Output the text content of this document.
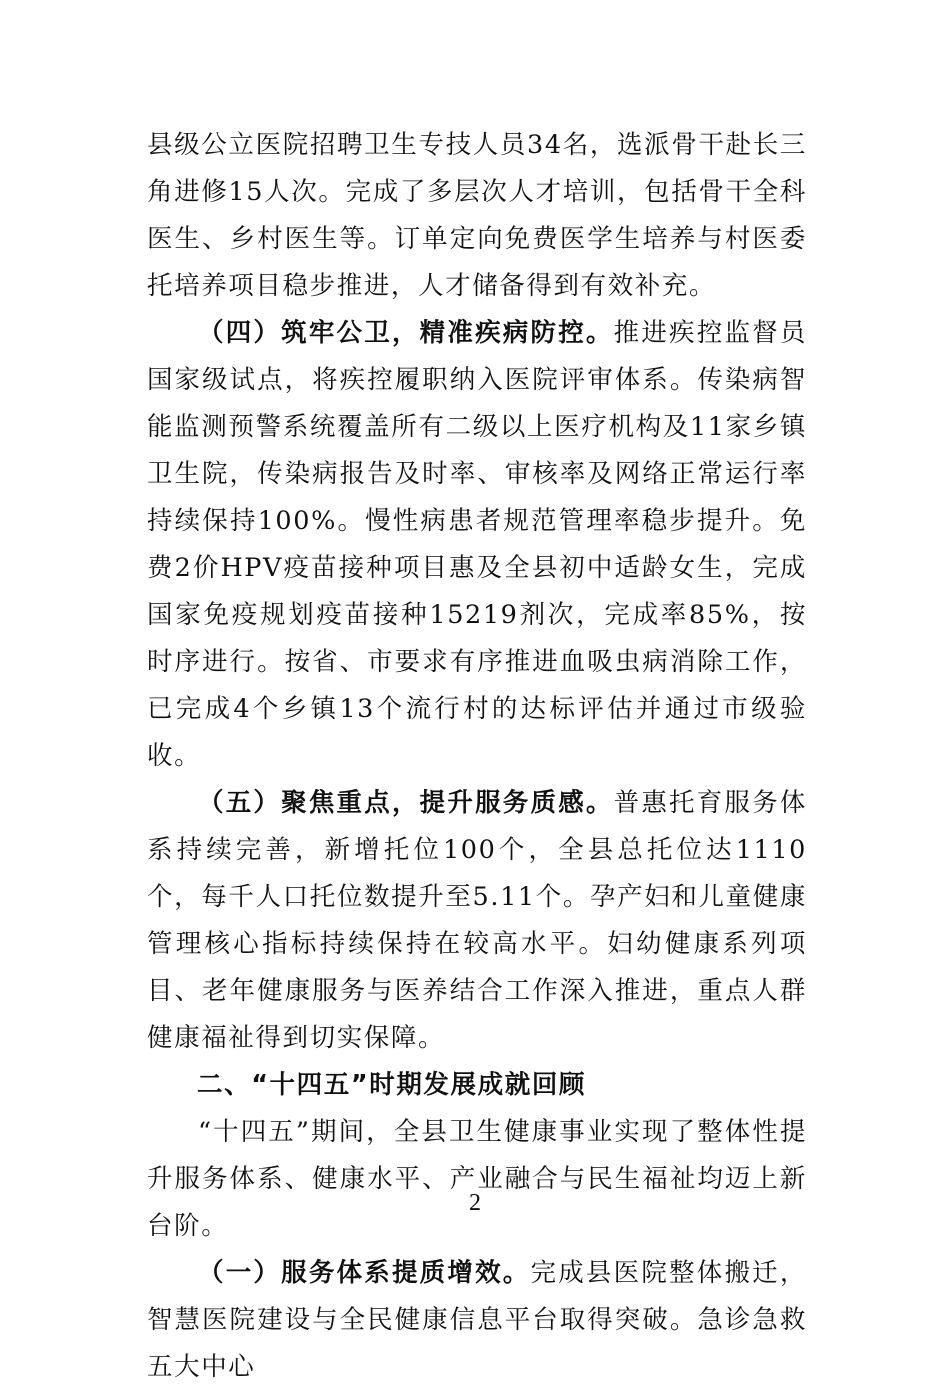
县级公立医院招聘卫生专技人员34名，选派骨干赴长三角进修15人次。完成了多层次人才培训，包括骨干全科医生、乡村医生等。订单定向免费医学生培养与村医委托培养项目稳步推进，人才储备得到有效补充。

（四）筑牢公卫，精准疾病防控。推进疾控监督员国家级试点，将疾控履职纳入医院评审体系。传染病智能监测预警系统覆盖所有二级以上医疗机构及11家乡镇卫生院，传染病报告及时率、审核率及网络正常运行率持续保持100%。慢性病患者规范管理率稳步提升。免费2价HPV疫苗接种项目惠及全县初中适龄女生，完成国家免疫规划疫苗接种15219剂次，完成率85%，按时序进行。按省、市要求有序推进血吸虫病消除工作，已完成4个乡镇13个流行村的达标评估并通过市级验收。

（五）聚焦重点，提升服务质感。普惠托育服务体系持续完善，新增托位100个，全县总托位达1110个，每千人口托位数提升至5.11个。孕产妇和儿童健康管理核心指标持续保持在较高水平。妇幼健康系列项目、老年健康服务与医养结合工作深入推进，重点人群健康福祉得到切实保障。

二、“十四五”时期发展成就回顾

“十四五”期间，全县卫生健康事业实现了整体性提升服务体系、健康水平、产业融合与民生福祉均迈上新台阶。

（一）服务体系提质增效。完成县医院整体搬迁，智慧医院建设与全民健康信息平台取得突破。急诊急救五大中心

2
